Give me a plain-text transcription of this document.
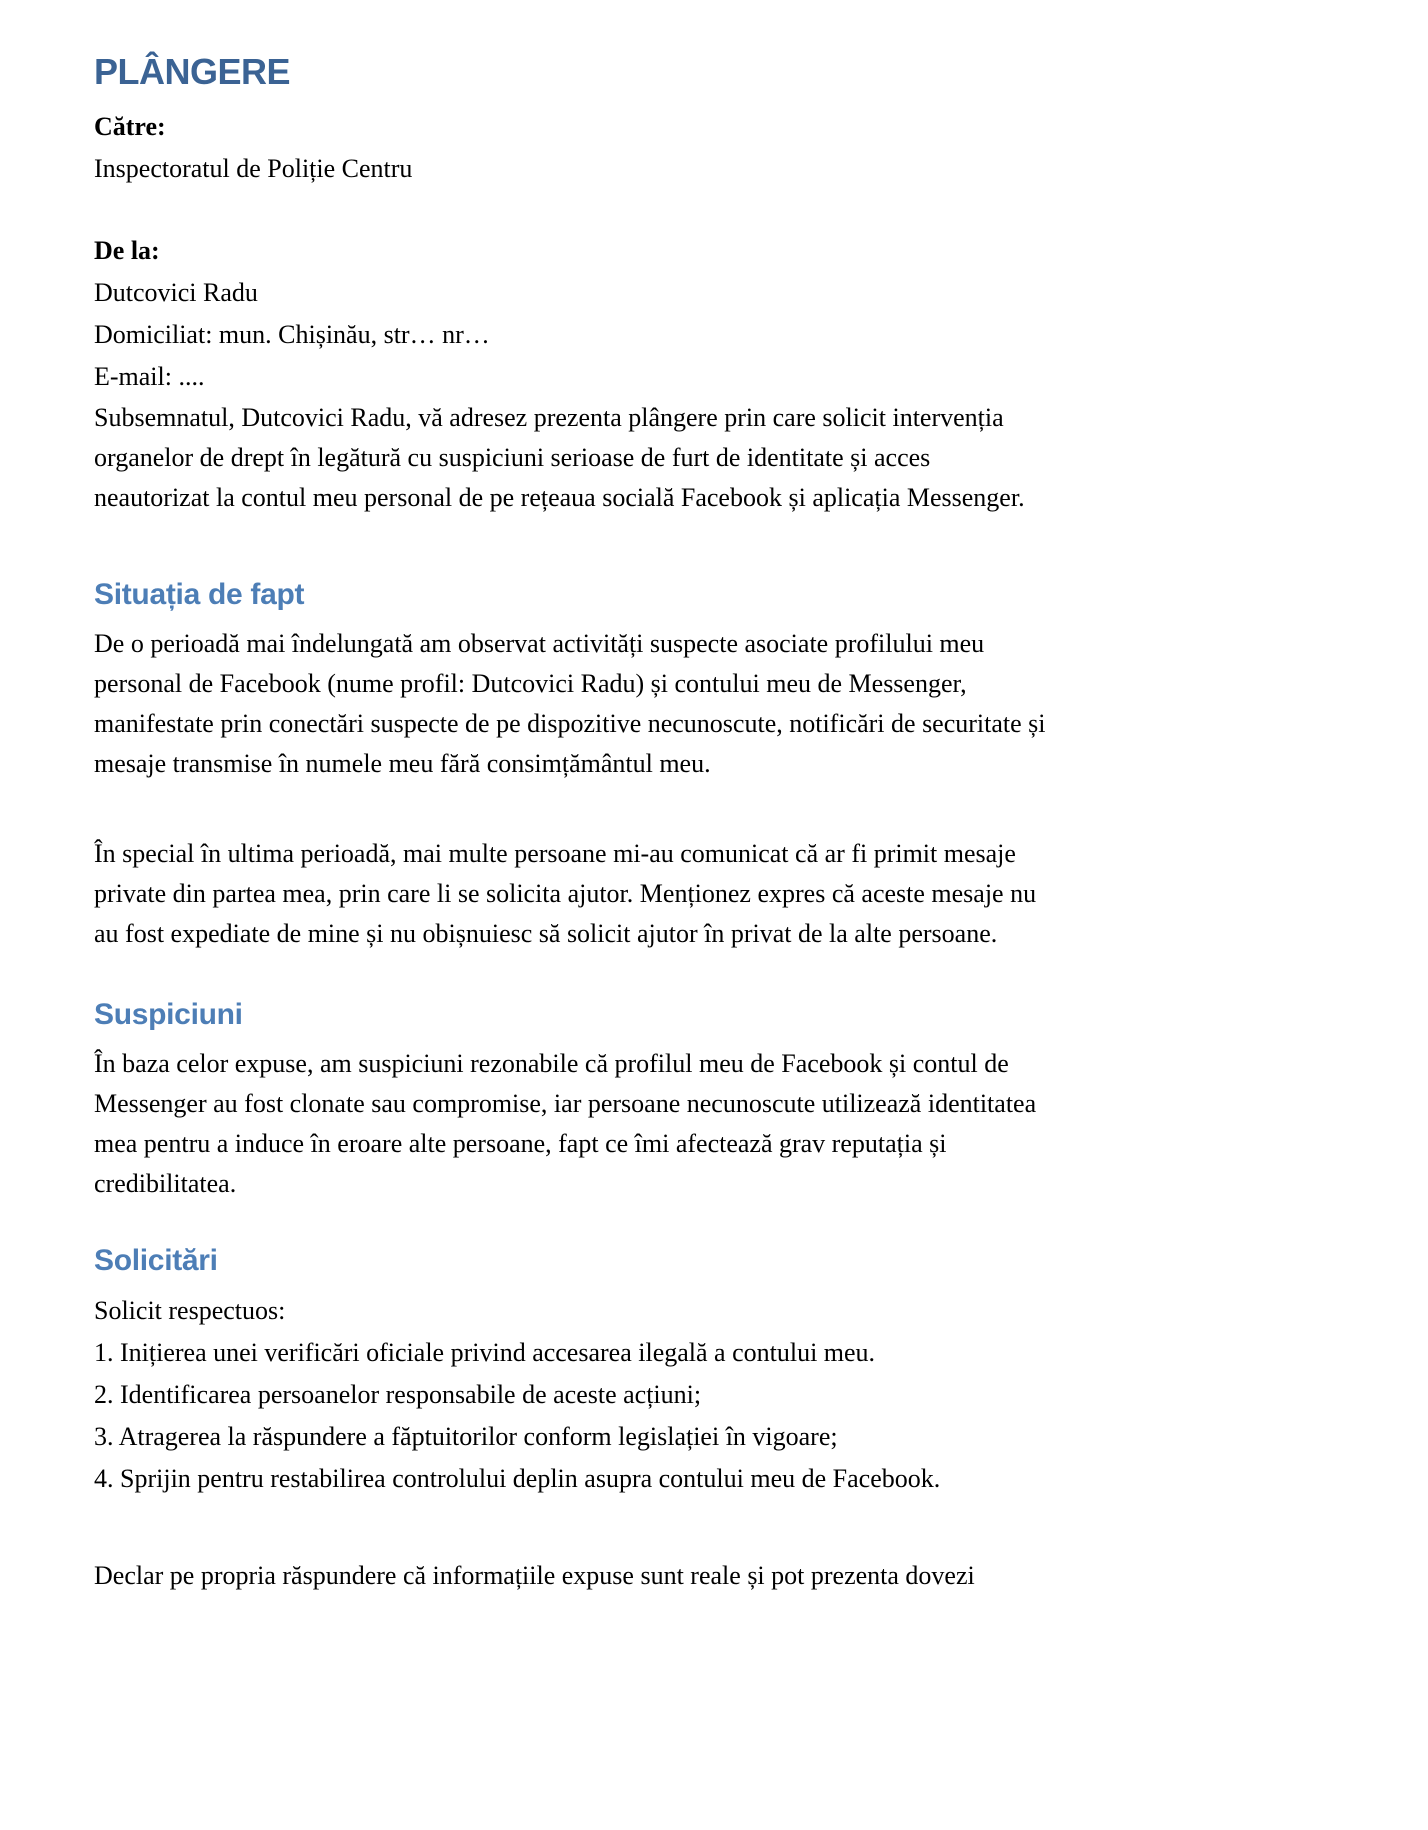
PLÂNGERE
Către:
Inspectoratul de Poliție Centru
De la:
Dutcovici Radu
Domiciliat: mun. Chișinău, str… nr…
E-mail: ....
Subsemnatul, Dutcovici Radu, vă adresez prezenta plângere prin care solicit intervenția
organelor de drept în legătură cu suspiciuni serioase de furt de identitate și acces
neautorizat la contul meu personal de pe rețeaua socială Facebook și aplicația Messenger.
Situația de fapt
De o perioadă mai îndelungată am observat activități suspecte asociate profilului meu
personal de Facebook (nume profil: Dutcovici Radu) și contului meu de Messenger,
manifestate prin conectări suspecte de pe dispozitive necunoscute, notificări de securitate și
mesaje transmise în numele meu fără consimțământul meu.
În special în ultima perioadă, mai multe persoane mi-au comunicat că ar fi primit mesaje
private din partea mea, prin care li se solicita ajutor. Menționez expres că aceste mesaje nu
au fost expediate de mine și nu obișnuiesc să solicit ajutor în privat de la alte persoane.
Suspiciuni
În baza celor expuse, am suspiciuni rezonabile că profilul meu de Facebook și contul de
Messenger au fost clonate sau compromise, iar persoane necunoscute utilizează identitatea
mea pentru a induce în eroare alte persoane, fapt ce îmi afectează grav reputația și
credibilitatea.
Solicitări
Solicit respectuos:
1. Inițierea unei verificări oficiale privind accesarea ilegală a contului meu.
2. Identificarea persoanelor responsabile de aceste acțiuni;
3. Atragerea la răspundere a făptuitorilor conform legislației în vigoare;
4. Sprijin pentru restabilirea controlului deplin asupra contului meu de Facebook.
Declar pe propria răspundere că informațiile expuse sunt reale și pot prezenta dovezi
